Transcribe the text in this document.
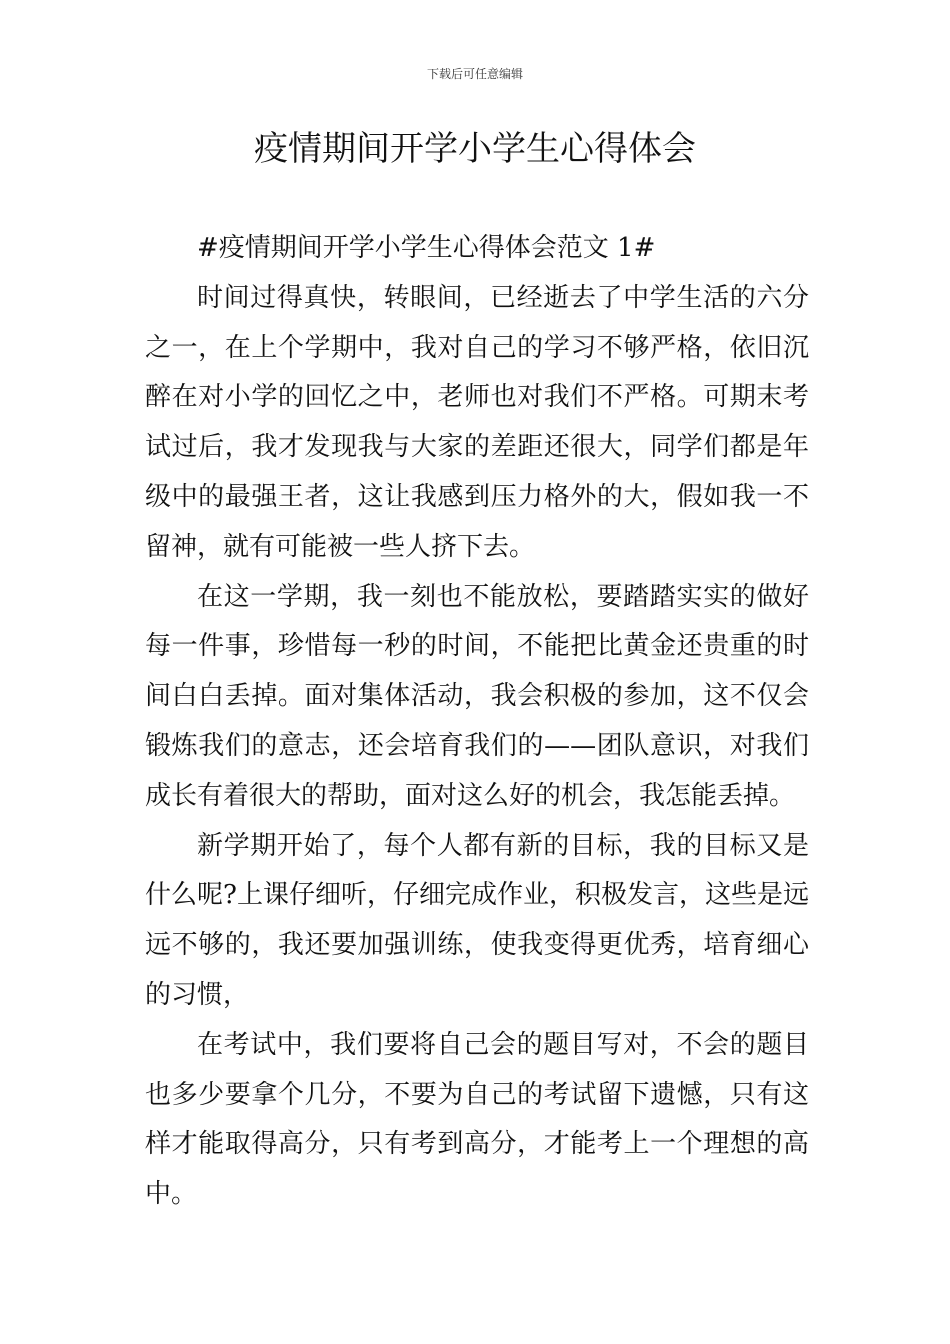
下载后可任意编辑
疫情期间开学小学生心得体会

#疫情期间开学小学生心得体会范文 1#

时间过得真快，转眼间，已经逝去了中学生活的六分之一，在上个学期中，我对自己的学习不够严格，依旧沉醉在对小学的回忆之中，老师也对我们不严格。可期末考试过后，我才发现我与大家的差距还很大，同学们都是年级中的最强王者，这让我感到压力格外的大，假如我一不留神，就有可能被一些人挤下去。

在这一学期，我一刻也不能放松，要踏踏实实的做好每一件事，珍惜每一秒的时间，不能把比黄金还贵重的时间白白丢掉。面对集体活动，我会积极的参加，这不仅会锻炼我们的意志，还会培育我们的——团队意识，对我们成长有着很大的帮助，面对这么好的机会，我怎能丢掉。

新学期开始了，每个人都有新的目标，我的目标又是什么呢?上课仔细听，仔细完成作业，积极发言，这些是远远不够的，我还要加强训练，使我变得更优秀，培育细心的习惯，

在考试中，我们要将自己会的题目写对，不会的题目也多少要拿个几分，不要为自己的考试留下遗憾，只有这样才能取得高分，只有考到高分，才能考上一个理想的高中。
